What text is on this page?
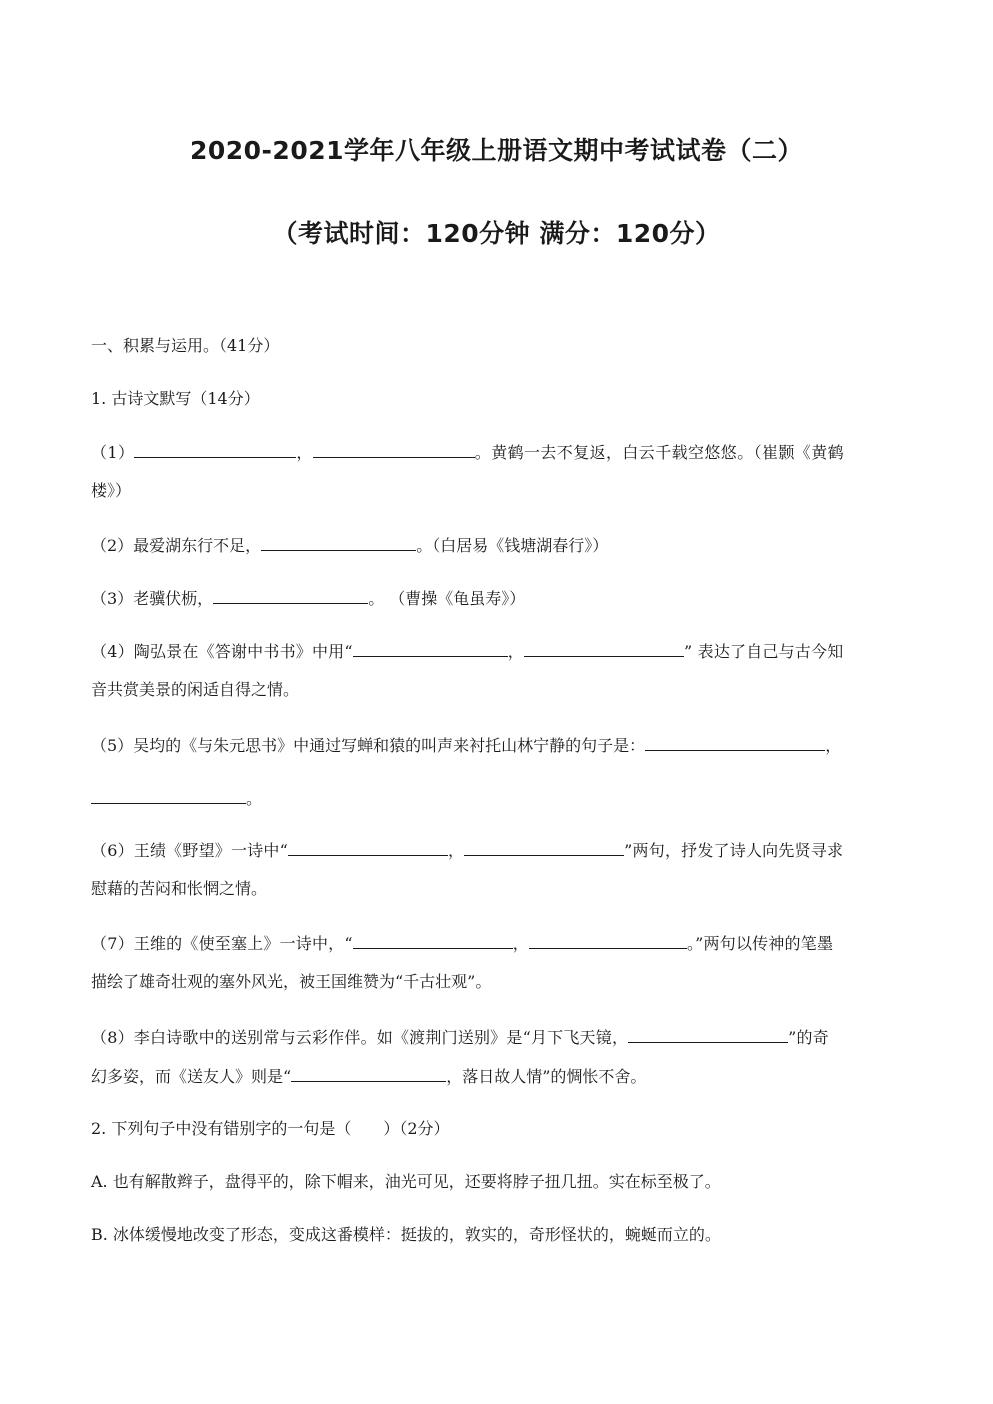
2020-2021学年八年级上册语文期中考试试卷（二）
（考试时间：120分钟 满分：120分）
一、积累与运用。（41分）
1. 古诗文默写（14分）
（1）	，	。黄鹤一去不复返，白云千载空悠悠。（崔颢《黄鹤
楼》）
（2）最爱湖东行不足，	。（白居易《钱塘湖春行》）
（3）老骥伏枥，	。 （曹操《龟虽寿》）
（4）陶弘景在《答谢中书书》中用“	，	” 表达了自己与古今知
音共赏美景的闲适自得之情。
（5）吴均的《与朱元思书》中通过写蝉和猿的叫声来衬托山林宁静的句子是：	，
。
（6）王绩《野望》一诗中“	，	”两句，抒发了诗人向先贤寻求
慰藉的苦闷和怅惘之情。
（7）王维的《使至塞上》一诗中，“	，	。”两句以传神的笔墨
描绘了雄奇壮观的塞外风光，被王国维赞为“千古壮观”。
（8）李白诗歌中的送别常与云彩作伴。如《渡荆门送别》是“月下飞天镜，	”的奇
幻多姿，而《送友人》则是“	，落日故人情”的惆怅不舍。
2. 下列句子中没有错别字的一句是（　　）（2分）
A. 也有解散辫子，盘得平的，除下帽来，油光可见，还要将脖子扭几扭。实在标至极了。
B. 冰体缓慢地改变了形态，变成这番模样：挺拔的，敦实的，奇形怪状的，蜿蜒而立的。
